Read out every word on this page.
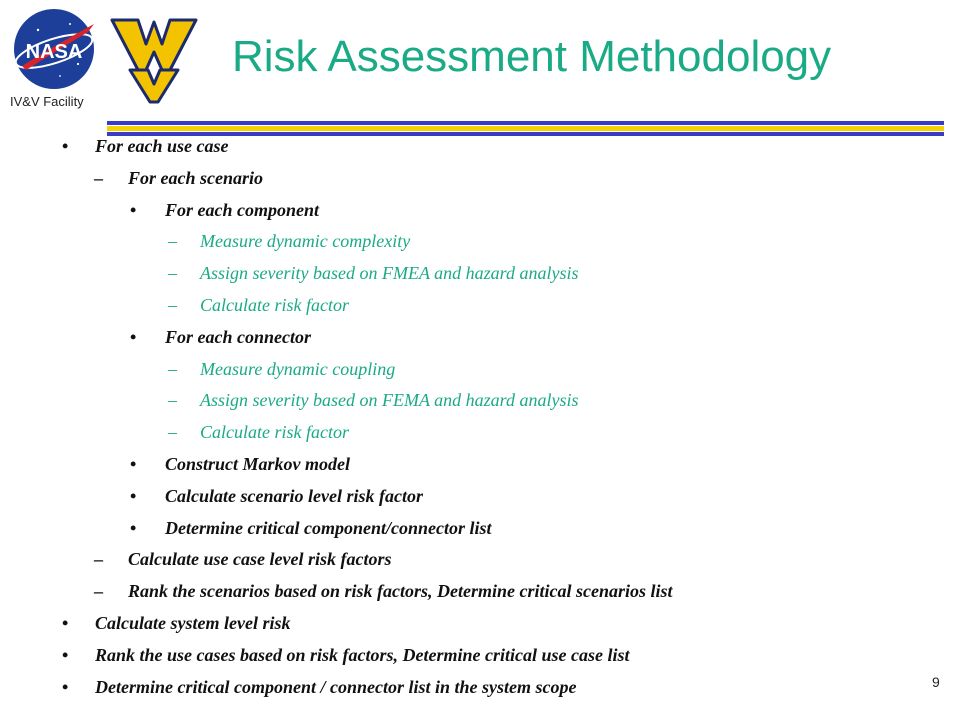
NASA
IV&V Facility
Risk Assessment Methodology
• For each use case
– For each scenario
• For each component
– Measure dynamic complexity
– Assign severity based on FMEA and hazard analysis
– Calculate risk factor
• For each connector
– Measure dynamic coupling
– Assign severity based on FEMA and hazard analysis
– Calculate risk factor
• Construct Markov model
• Calculate scenario level risk factor
• Determine critical component/connector list
– Calculate use case level risk factors
– Rank the scenarios based on risk factors, Determine critical scenarios list
• Calculate system level risk
• Rank the use cases based on risk factors, Determine critical use case list
• Determine critical component / connector list in the system scope	9
